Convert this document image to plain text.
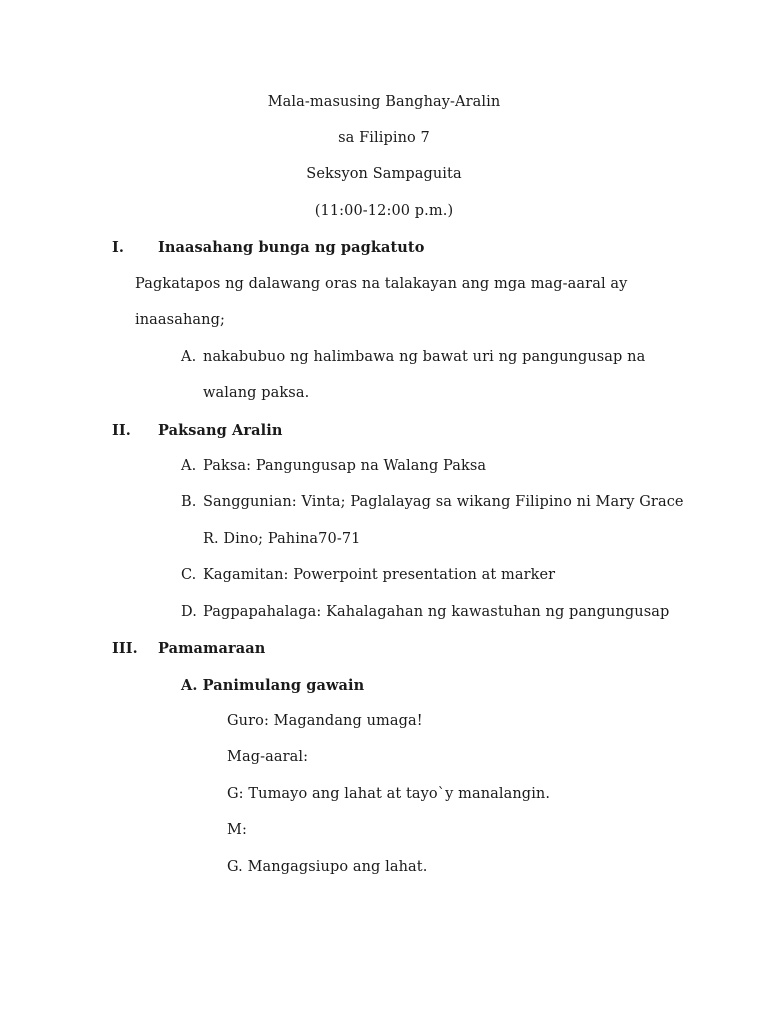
Mala-masusing Banghay-Aralin
sa Filipino 7
Seksyon Sampaguita
(11:00-12:00 p.m.)
I. Inaasahang bunga ng pagkatuto
Pagkatapos ng dalawang oras na talakayan ang mga mag-aaral ay
inaasahang;
A. nakabubuo ng halimbawa ng bawat uri ng pangungusap na
walang paksa.
II. Paksang Aralin
A. Paksa: Pangungusap na Walang Paksa
B. Sanggunian: Vinta; Paglalayag sa wikang Filipino ni Mary Grace
R. Dino; Pahina70-71
C. Kagamitan: Powerpoint presentation at marker
D. Pagpapahalaga: Kahalagahan ng kawastuhan ng pangungusap
III. Pamamaraan
A. Panimulang gawain
Guro: Magandang umaga!
Mag-aaral:
G: Tumayo ang lahat at tayo`y manalangin.
M:
G. Mangagsiupo ang lahat.
